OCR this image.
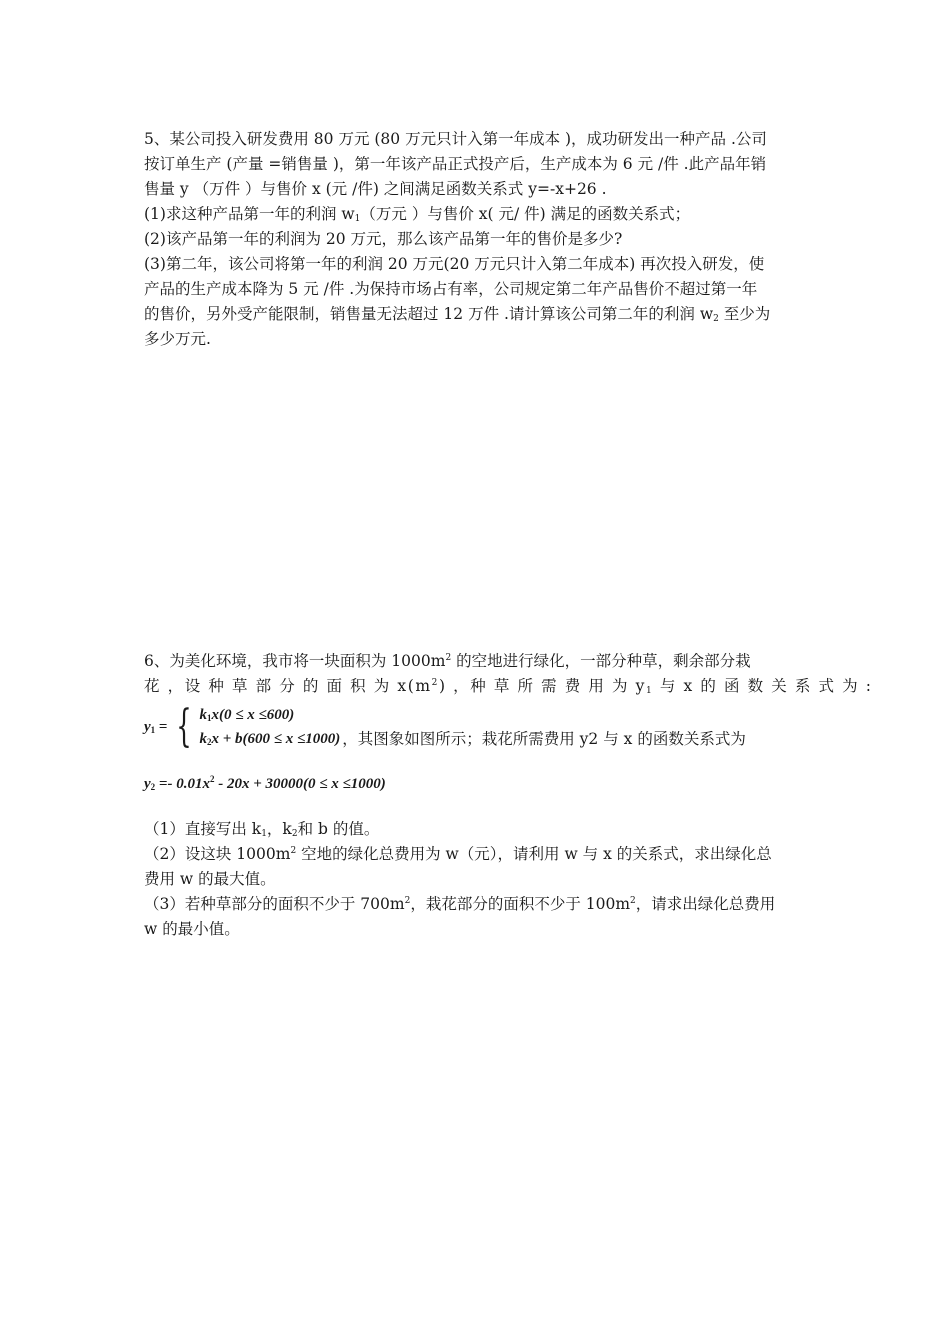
5、某公司投入研发费用 80 万元 (80 万元只计入第一年成本 )，成功研发出一种产品 .公司
按订单生产 (产量 =销售量 )，第一年该产品正式投产后，生产成本为 6 元 /件 .此产品年销
售量 y （万件 ）与售价 x (元 /件) 之间满足函数关系式 y=-x+26 .
(1)求这种产品第一年的利润 $w_1$（万元 ）与售价 x( 元/ 件) 满足的函数关系式；
(2)该产品第一年的利润为 20 万元，那么该产品第一年的售价是多少?
(3)第二年，该公司将第一年的利润 20 万元(20 万元只计入第二年成本) 再次投入研发，使
产品的生产成本降为 5 元 /件 .为保持市场占有率，公司规定第二年产品售价不超过第一年
的售价，另外受产能限制，销售量无法超过 12 万件 .请计算该公司第二年的利润 $w_2$ 至少为
多少万元.
6、为美化环境，我市将一块面积为 $1000m^2$ 的空地进行绿化，一部分种草，剩余部分栽
花 ，设 种 草 部 分 的 面 积 为 $x(m^2)$ ，种 草 所 需 费 用 为 $y_1$ 与 x 的 函 数 关 系 式 为 :
$y_1$ = { $k_1x(0 \le x \le 600)$
$k_2x + b(600 \le x \le 1000)$ ，其图象如图所示；栽花所需费用 y2 与 x 的函数关系式为
$y_2 =- 0.01x^2 - 20x + 30000(0 \le x \le 1000)$
（1）直接写出 $k_1$，$k_2$和 b 的值。
（2）设这块 $1000m^2$ 空地的绿化总费用为 w（元），请利用 w 与 x 的关系式，求出绿化总
费用 w 的最大值。
（3）若种草部分的面积不少于 $700m^2$，栽花部分的面积不少于 $100m^2$，请求出绿化总费用
w 的最小值。
